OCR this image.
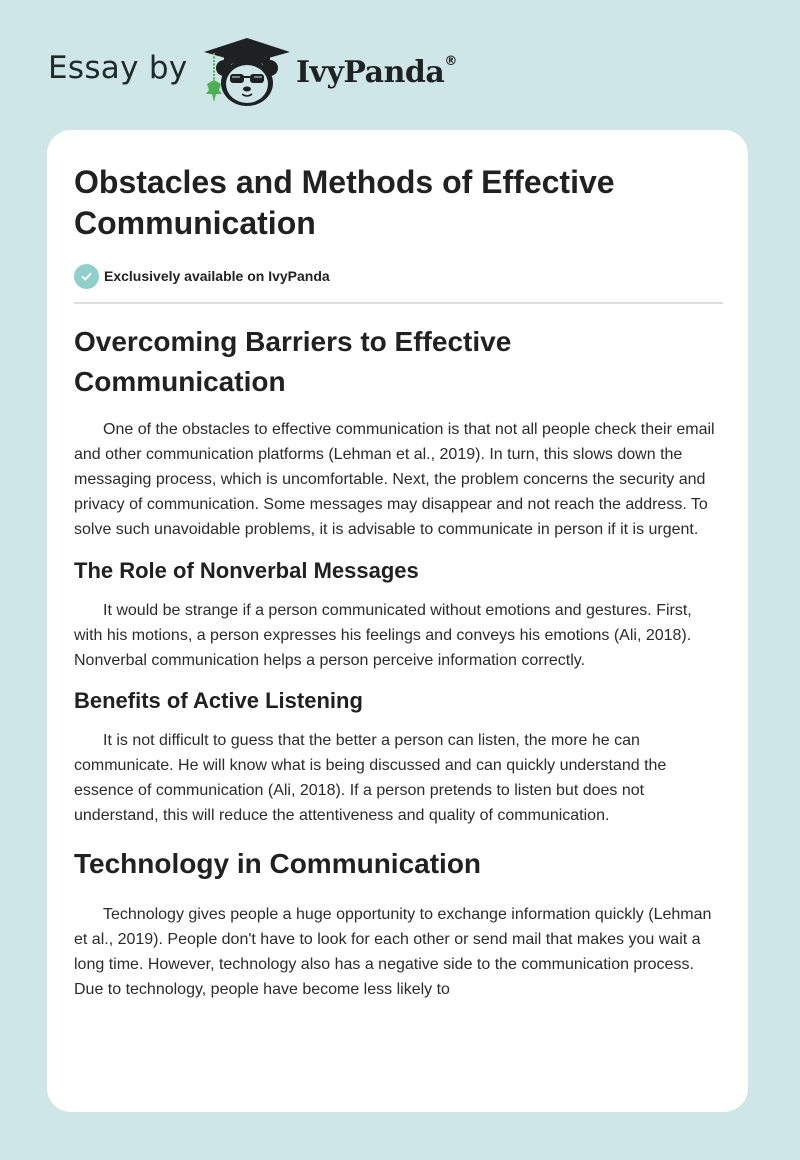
Essay by	IvyPanda®
Obstacles and Methods of Effective Communication
Exclusively available on IvyPanda
Overcoming Barriers to Effective Communication

One of the obstacles to effective communication is that not all people check their email and other communication platforms (Lehman et al., 2019). In turn, this slows down the messaging process, which is uncomfortable. Next, the problem concerns the security and privacy of communication. Some messages may disappear and not reach the address. To solve such unavoidable problems, it is advisable to communicate in person if it is urgent.

The Role of Nonverbal Messages

It would be strange if a person communicated without emotions and gestures. First, with his motions, a person expresses his feelings and conveys his emotions (Ali, 2018). Nonverbal communication helps a person perceive information correctly.

Benefits of Active Listening

It is not difficult to guess that the better a person can listen, the more he can communicate. He will know what is being discussed and can quickly understand the essence of communication (Ali, 2018). If a person pretends to listen but does not understand, this will reduce the attentiveness and quality of communication.

Technology in Communication

Technology gives people a huge opportunity to exchange information quickly (Lehman et al., 2019). People don't have to look for each other or send mail that makes you wait a long time. However, technology also has a negative side to the communication process. Due to technology, people have become less likely to
